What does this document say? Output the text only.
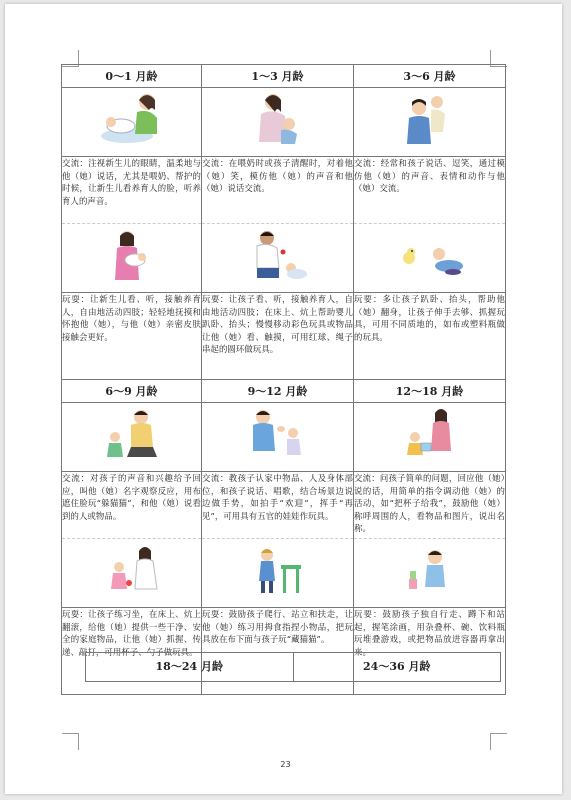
0～1 月龄	1～3 月龄	3～6 月龄

交流：注视新生儿的眼睛，温柔地与他（她）说话，尤其是喂奶、帮护的时候，让新生儿看养育人的脸，听养育人的声音。	交流：在喂奶时或孩子清醒时，对着他（她）笑，模仿他（她）的声音和他（她）说话交流。	交流：经常和孩子说话、逗笑，通过模仿他（她）的声音、表情和动作与他（她）交流。

玩耍：让新生儿看、听，接触养育人，自由地活动四肢；轻轻地抚摸和怀抱他（她），与他（她）亲密皮肤接触会更好。	玩要：让孩子看、听，接触养育人，自由地活动四肢；在床上、炕上帮助婴儿趴卧、抬头；慢慢移动彩色玩具或物品让他（她）看、触摸，可用红球、绳子串起的圆环做玩具。	玩要：多让孩子趴卧、抬头，帮助他（她）翻身，让孩子伸手去够、抓握玩具，可用不同质地的，如布或塑料瓶做的玩具。
6～9 月龄	9～12 月龄	12～18 月龄

交流：对孩子的声音和兴趣给予回应，叫他（她）名字观察反应，用布遮住脸玩“躲猫猫”，和他（她）说看到的人或物品。	交流：教孩子认家中物品、人及身体部位，和孩子说话、唱歌，结合场景边说边做手势，如拍手“欢迎”，挥手“再见”，可用具有五官的娃娃作玩具。	交流：问孩子简单的问题，回应他（她）说的话，用简单的指令调动他（她）的活动，如“把杯子给我”，鼓励他（她）称呼周围的人，看物品和图片，说出名称。

玩耍：让孩子练习坐，在床上、炕上翻滚，给他（她）提供一些干净、安全的家庭物品，让他（她）抓握、传递、敲打，可用杯子、勺子做玩具。	玩耍：鼓励孩子爬行、站立和扶走，让他（她）练习用拇食指捏小物品，把玩具放在布下面与孩子玩“藏猫猫”。	玩要：鼓励孩子独自行走、蹲下和站起，握笔涂画，用杂叠杯、碗、饮料瓶玩堆叠游戏，或把物品放进容器再拿出来。
18～24 月龄	24～36 月龄
23
